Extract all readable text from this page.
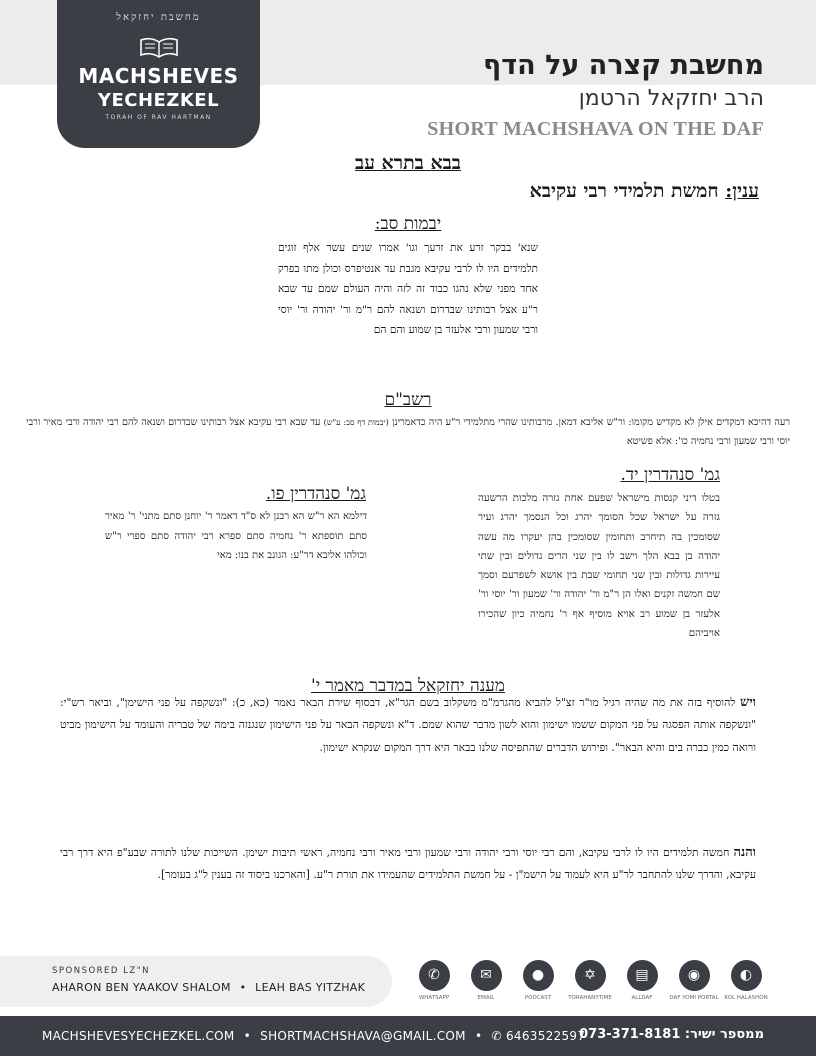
מחשבת יחזקאל
MACHSHEVES
YECHEZKEL
TORAH OF RAV HARTMAN
מחשבת קצרה על הדף
הרב יחזקאל הרטמן
SHORT MACHSHAVA ON THE DAF
בבא בתרא עב
ענין: חמשת תלמידי רבי עקיבא
יבמות סב:
שנא' בבקר זרע את זרעך וגו' אמרו שנים עשר אלף זוגים תלמידים היו לו לרבי עקיבא מגבת עד אנטיפרס וכולן מתו בפרק אחד מפני שלא נהגו כבוד זה לזה והיה העולם שמם עד שבא ר"ע אצל רבותינו שבדרום ושנאה להם ר"מ ור' יהודה ור' יוסי ורבי שמעון ורבי אלעזר בן שמוע והם הם
רשב"ם
רעה דהיכא דמקדים אילן לא מקדיש מקומו: ור"ש אליבא דמאן. מרבותינו שהרי מתלמידי ר"ע היה כדאמרינן (יבמות דף סב: ע"ש) עד שבא רבי עקיבא אצל רבותינו שבדרום ושנאה להם רבי יהודה ורבי מאיר ורבי יוסי ורבי שמעון ורבי נחמיה כו': אלא פשיטא
גמ' סנהדרין יד.
בטלו דיני קנסות מישראל שפעם אחת גזרה מלכות הרשעה גזרה על ישראל שכל הסומך יהרג וכל הנסמך יהרג ועיר שסומכין בה תיחרב ותחומין שסומכין בהן יעקרו מה עשה יהודה בן בבא הלך וישב לו בין שני הרים גדולים ובין שתי עיירות גדולות ובין שני תחומי שבת בין אושא לשפרעם וסמך שם חמשה זקנים ואלו הן ר"מ ור' יהודה ור' שמעון ור' יוסי ור' אלעזר בן שמוע רב אויא מוסיף אף ר' נחמיה כיון שהכירו אויביהם
גמ' סנהדרין פו.
דילמא הא ר"ש הא רבנן לא ס"ד דאמר ר' יוחנן סתם מתני' ר' מאיר סתם תוספתא ר' נחמיה סתם ספרא רבי יהודה סתם ספרי ר"ש וכולהו אליבא דר"ע: הגונב את בנו: מאי
מענה יחזקאל במדבר מאמר י'
ויש להוסיף בזה את מה שהיה רגיל מו"ר זצ"ל להביא מהגרמ"מ משקלוב בשם הגר"א, דבסוף שירת הבאר נאמר (כא, כ): "ונשקפה על פני הישימן", וביאר רש"י: "ונשקפה אותה הפסגה על פני המקום ששמו ישימון והוא לשון מדבר שהוא שמם. ד"א ונשקפה הבאר על פני הישימון שנגנזה בימה של טבריה והעומד על הישימון מביט ורואה כמין כברה בים והיא הבאר". ופירוש הדברים שהתפיסה שלנו בבאר היא דרך המקום שנקרא ישימון.
והנה חמשה תלמידים היו לו לרבי עקיבא, והם רבי יוסי ורבי יהודה ורבי שמעון ורבי מאיר ורבי נחמיה, ראשי תיבות ישימן. השייכות שלנו לתורה שבע"פ היא דרך רבי עקיבא, והדרך שלנו להתחבר לר"ע היא לעמוד על הישמ"ן - על חמשת התלמידים שהעמידו את תורת ר"ע. [והארכנו ביסוד זה בענין ל"ג בעומר].
SPONSORED LZ"N
AHARON BEN YAAKOV SHALOM • LEAH BAS YITZHAK
✆
WHATSAPP
✉
EMAIL
●
PODCAST
✡
TORAHANYTIME
▤
ALLDAF
◉
DAF YOMI PORTAL
◐
KOL HALASHON
MACHSHEVESYECHEZKEL.COM • SHORTMACHSHAVA@GMAIL.COM • ✆ 6463522597	ממספר ישיר: 073-371-8181
